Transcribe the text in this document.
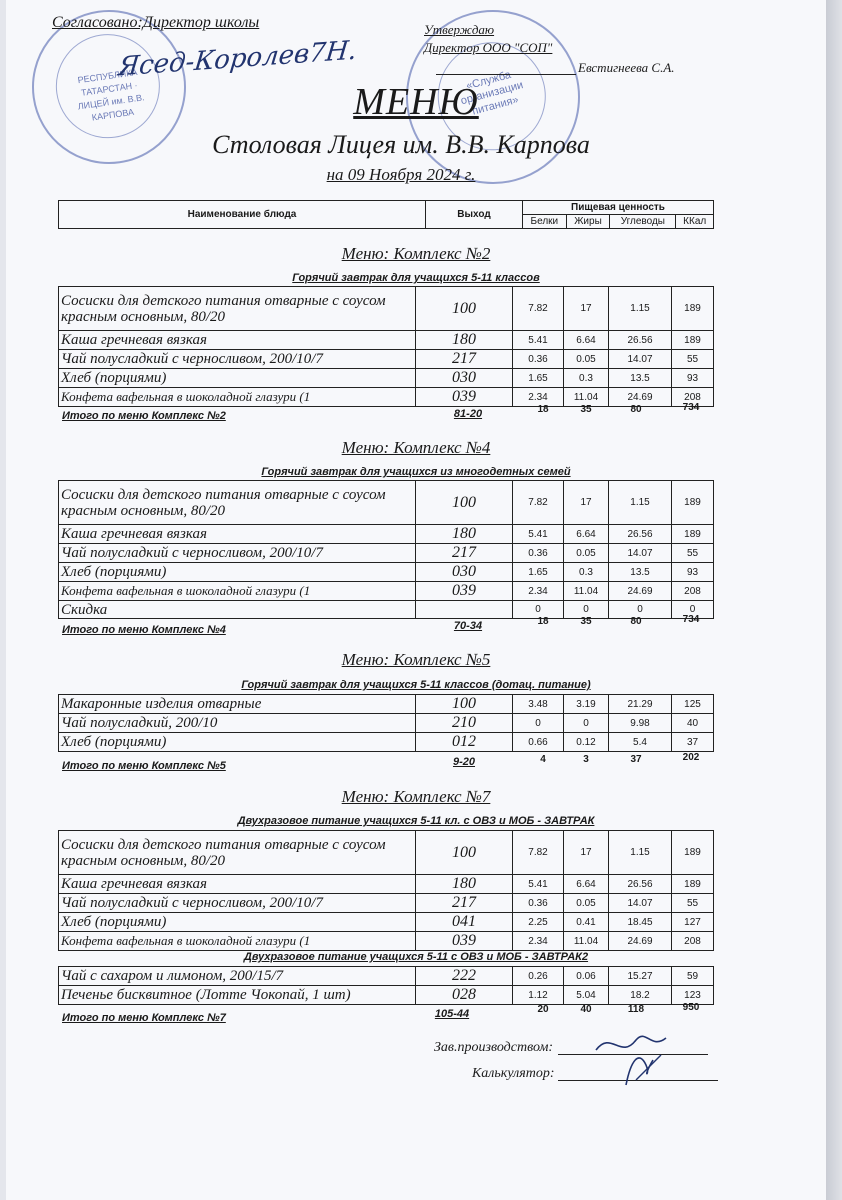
РЕСПУБЛИКА ТАТАРСТАН · ЛИЦЕЙ им. В.В. КАРПОВА
«Служба организации питания»
Согласовано:Директор школы	Утверждаю
Директор ООО "СОП"
Евстигнеева С.А.
Ясед-Королев7Н.
МЕНЮ
Столовая Лицея им. В.В. Карпова
на 09 Ноября 2024 г.
Наименование блюда	Выход	Пищевая ценность			
		Белки	Жиры	Углеводы	ККал
Меню: Комплекс №2
Горячий завтрак для учащихся 5-11 классов
Сосиски для детского питания отварные с соусом красным основным, 80/20	100	7.82	17	1.15	189
Каша гречневая вязкая	180	5.41	6.64	26.56	189
Чай полусладкий с черносливом, 200/10/7	217	0.36	0.05	14.07	55
Хлеб (порциями)	030	1.65	0.3	13.5	93
Конфета вафельная в шоколадной глазури (1	039	2.34	11.04	24.69	208
Итого по меню Комплекс №2	81-20	18	35	80	734
Меню: Комплекс №4
Горячий завтрак для учащихся из многодетных семей
Сосиски для детского питания отварные с соусом красным основным, 80/20	100	7.82	17	1.15	189
Каша гречневая вязкая	180	5.41	6.64	26.56	189
Чай полусладкий с черносливом, 200/10/7	217	0.36	0.05	14.07	55
Хлеб (порциями)	030	1.65	0.3	13.5	93
Конфета вафельная в шоколадной глазури (1	039	2.34	11.04	24.69	208
Скидка		0	0	0	0
Итого по меню Комплекс №4	70-34	18	35	80	734
Меню: Комплекс №5
Горячий завтрак для учащихся 5-11 классов (дотац. питание)
Макаронные изделия отварные	100	3.48	3.19	21.29	125
Чай полусладкий, 200/10	210	0	0	9.98	40
Хлеб (порциями)	012	0.66	0.12	5.4	37
Итого по меню Комплекс №5	9-20	4	3	37	202
Меню: Комплекс №7
Двухразовое питание учащихся 5-11 кл. с ОВЗ и МОБ - ЗАВТРАК
Сосиски для детского питания отварные с соусом красным основным, 80/20	100	7.82	17	1.15	189
Каша гречневая вязкая	180	5.41	6.64	26.56	189
Чай полусладкий с черносливом, 200/10/7	217	0.36	0.05	14.07	55
Хлеб (порциями)	041	2.25	0.41	18.45	127
Конфета вафельная в шоколадной глазури (1	039	2.34	11.04	24.69	208
Двухразовое питание учащихся 5-11 с ОВЗ и МОБ - ЗАВТРАК2
Чай с сахаром и лимоном, 200/15/7	222	0.26	0.06	15.27	59
Печенье бисквитное (Лотте Чокопай, 1 шт)	028	1.12	5.04	18.2	123
Итого по меню Комплекс №7	105-44	20	40	118	950
Зав.производством:
Калькулятор:
